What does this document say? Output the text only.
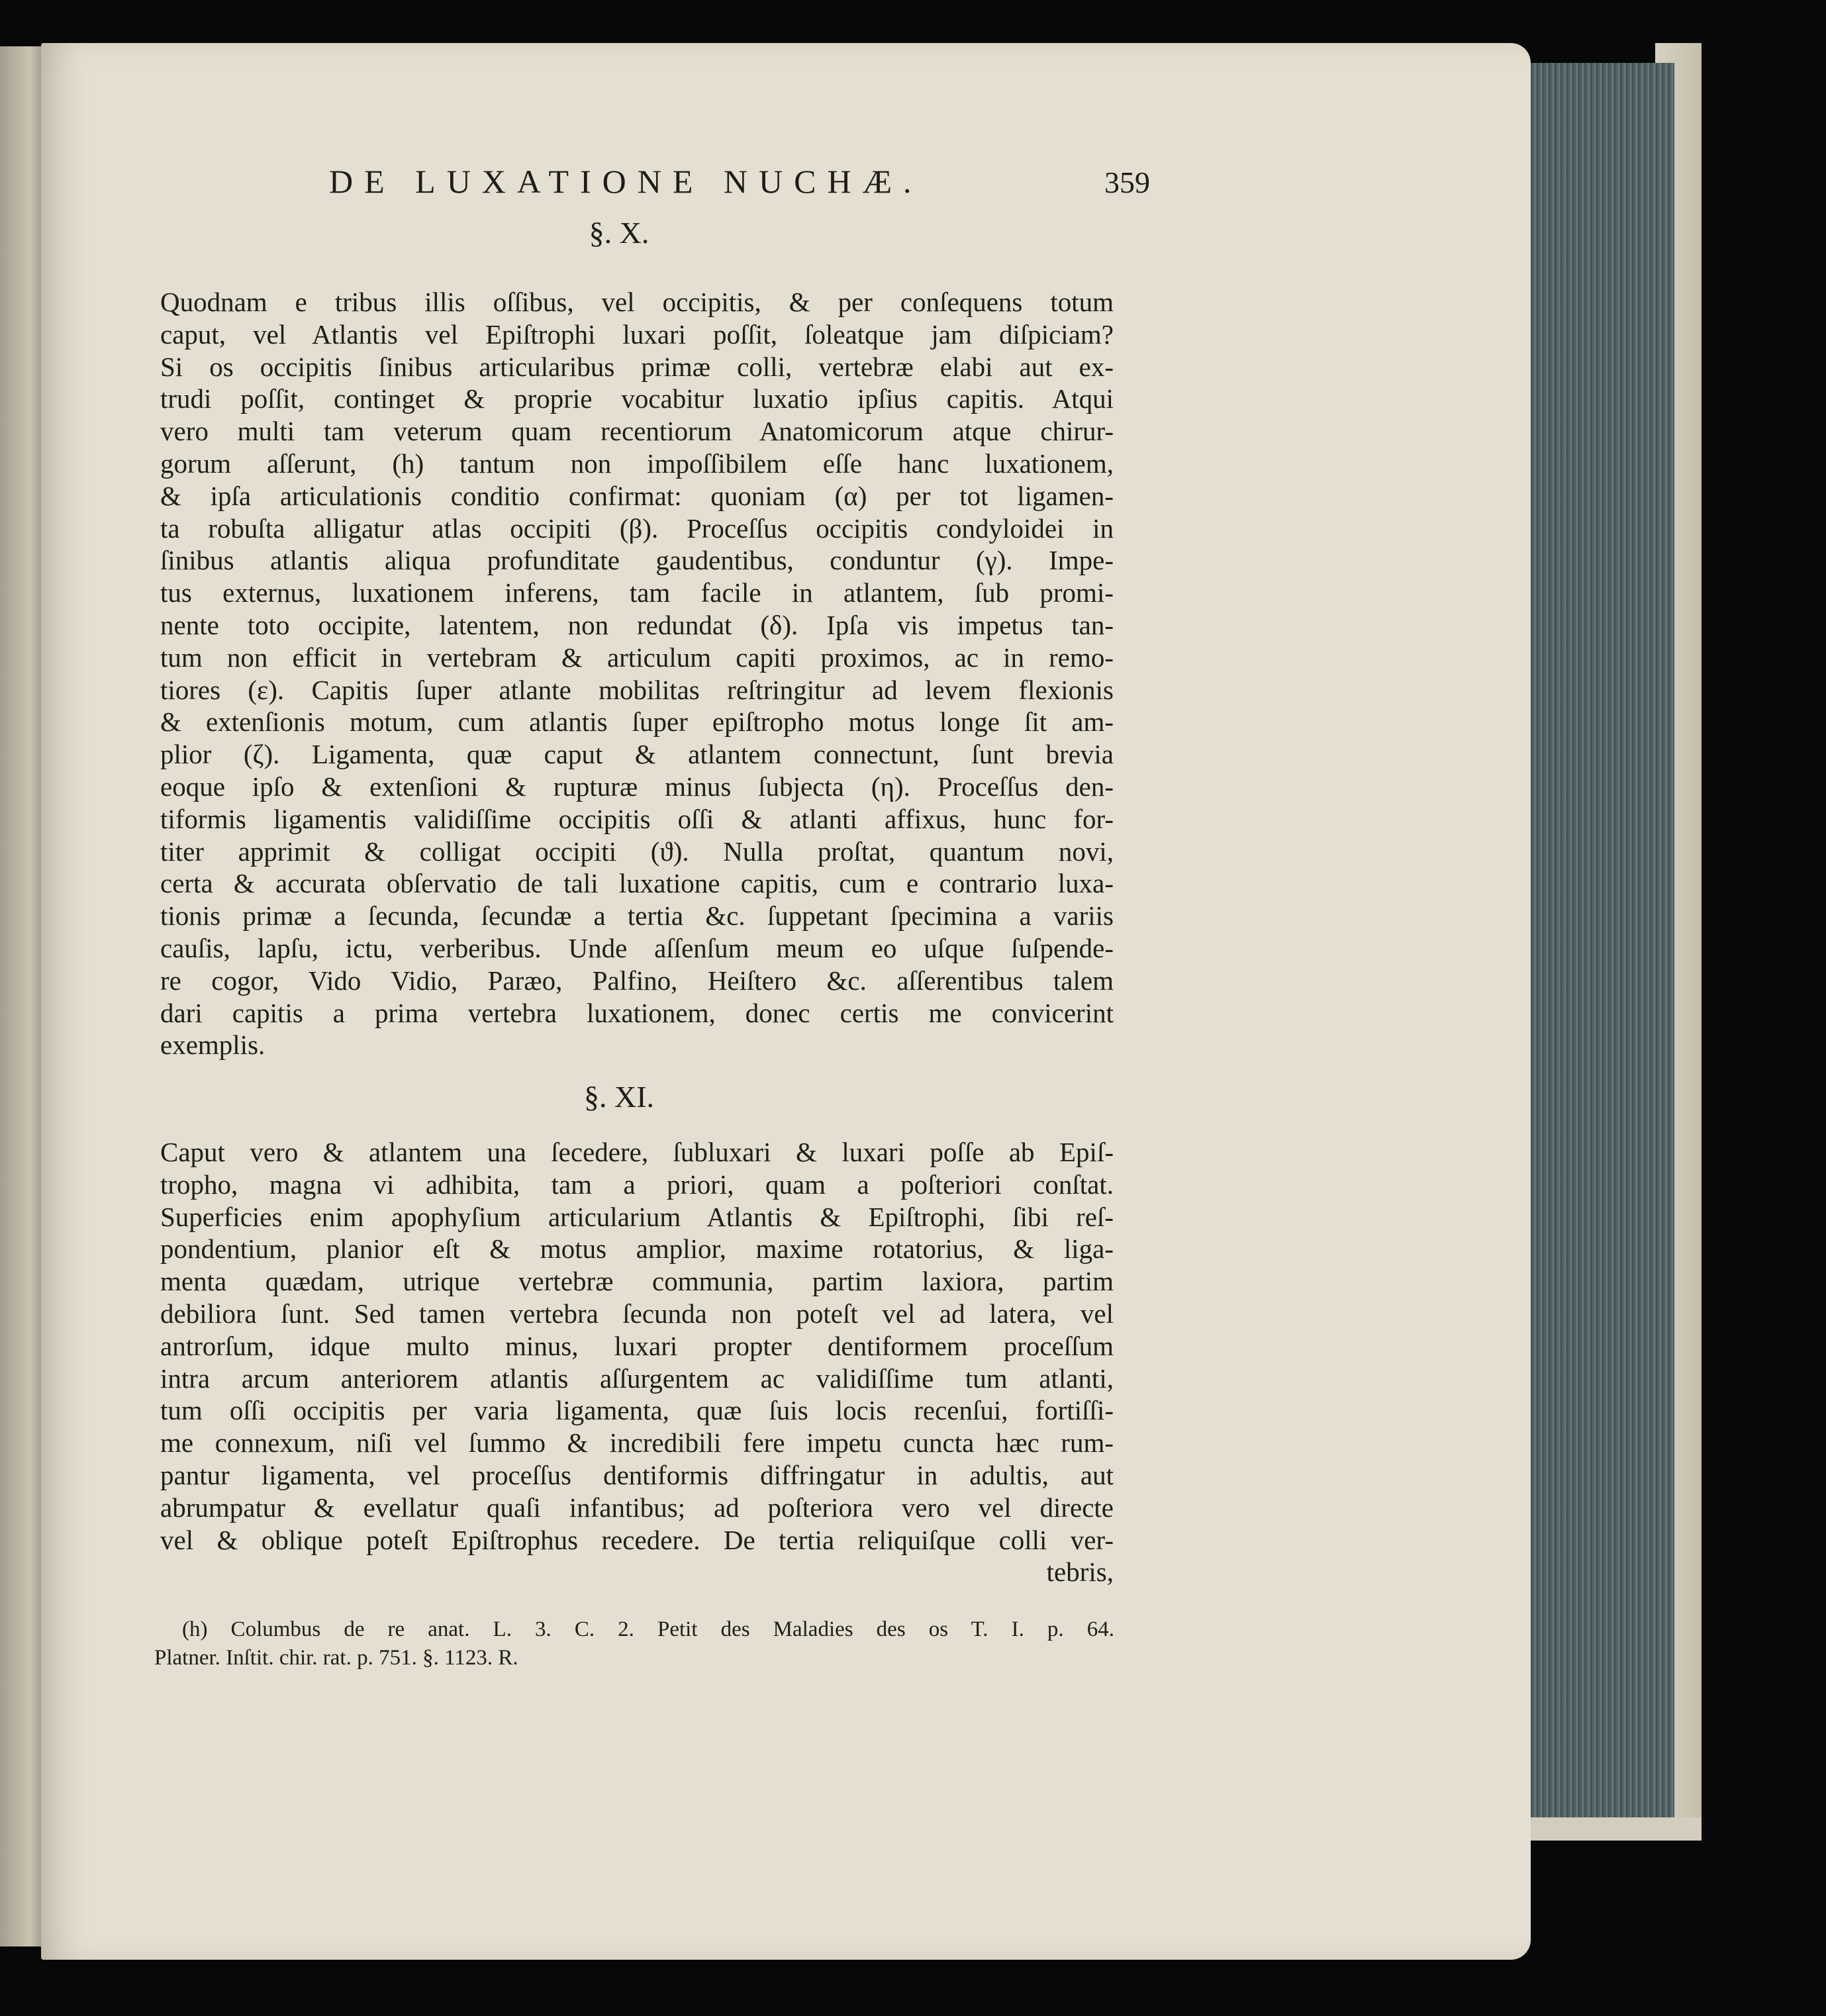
DE LUXATIONE NUCHÆ.	359
§. X.

Quodnam e tribus illis oſſibus, vel occipitis, & per conſequens totum
caput, vel Atlantis vel Epiſtrophi luxari poſſit, ſoleatque jam diſpiciam?
Si os occipitis ſinibus articularibus primæ colli, vertebræ elabi aut ex-
trudi poſſit, continget & proprie vocabitur luxatio ipſius capitis. Atqui
vero multi tam veterum quam recentiorum Anatomicorum atque chirur-
gorum aſſerunt, (h) tantum non impoſſibilem eſſe hanc luxationem,
& ipſa articulationis conditio confirmat: quoniam (α) per tot ligamen-
ta robuſta alligatur atlas occipiti (β). Proceſſus occipitis condyloidei in
ſinibus atlantis aliqua profunditate gaudentibus, conduntur (γ). Impe-
tus externus, luxationem inferens, tam facile in atlantem, ſub promi-
nente toto occipite, latentem, non redundat (δ). Ipſa vis impetus tan-
tum non efficit in vertebram & articulum capiti proximos, ac in remo-
tiores (ε). Capitis ſuper atlante mobilitas reſtringitur ad levem flexionis
& extenſionis motum, cum atlantis ſuper epiſtropho motus longe ſit am-
plior (ζ). Ligamenta, quæ caput & atlantem connectunt, ſunt brevia
eoque ipſo & extenſioni & rupturæ minus ſubjecta (η). Proceſſus den-
tiformis ligamentis validiſſime occipitis oſſi & atlanti affixus, hunc for-
titer apprimit & colligat occipiti (ϑ). Nulla proſtat, quantum novi,
certa & accurata obſervatio de tali luxatione capitis, cum e contrario luxa-
tionis primæ a ſecunda, ſecundæ a tertia &c. ſuppetant ſpecimina a variis
cauſis, lapſu, ictu, verberibus. Unde aſſenſum meum eo uſque ſuſpende-
re cogor, Vido Vidio, Paræo, Palfino, Heiſtero &c. aſſerentibus talem
dari capitis a prima vertebra luxationem, donec certis me convicerint
exemplis.

§. XI.

Caput vero & atlantem una ſecedere, ſubluxari & luxari poſſe ab Epiſ-
tropho, magna vi adhibita, tam a priori, quam a poſteriori conſtat.
Superficies enim apophyſium articularium Atlantis & Epiſtrophi, ſibi reſ-
pondentium, planior eſt & motus amplior, maxime rotatorius, & liga-
menta quædam, utrique vertebræ communia, partim laxiora, partim
debiliora ſunt. Sed tamen vertebra ſecunda non poteſt vel ad latera, vel
antrorſum, idque multo minus, luxari propter dentiformem proceſſum
intra arcum anteriorem atlantis aſſurgentem ac validiſſime tum atlanti,
tum oſſi occipitis per varia ligamenta, quæ ſuis locis recenſui, fortiſſi-
me connexum, niſi vel ſummo & incredibili fere impetu cuncta hæc rum-
pantur ligamenta, vel proceſſus dentiformis diffringatur in adultis, aut
abrumpatur & evellatur quaſi infantibus; ad poſteriora vero vel directe
vel & oblique poteſt Epiſtrophus recedere. De tertia reliquiſque colli ver-
tebris,

(h) Columbus de re anat. L. 3. C. 2. Petit des Maladies des os T. I. p. 64.
Platner. Inſtit. chir. rat. p. 751. §. 1123. R.
